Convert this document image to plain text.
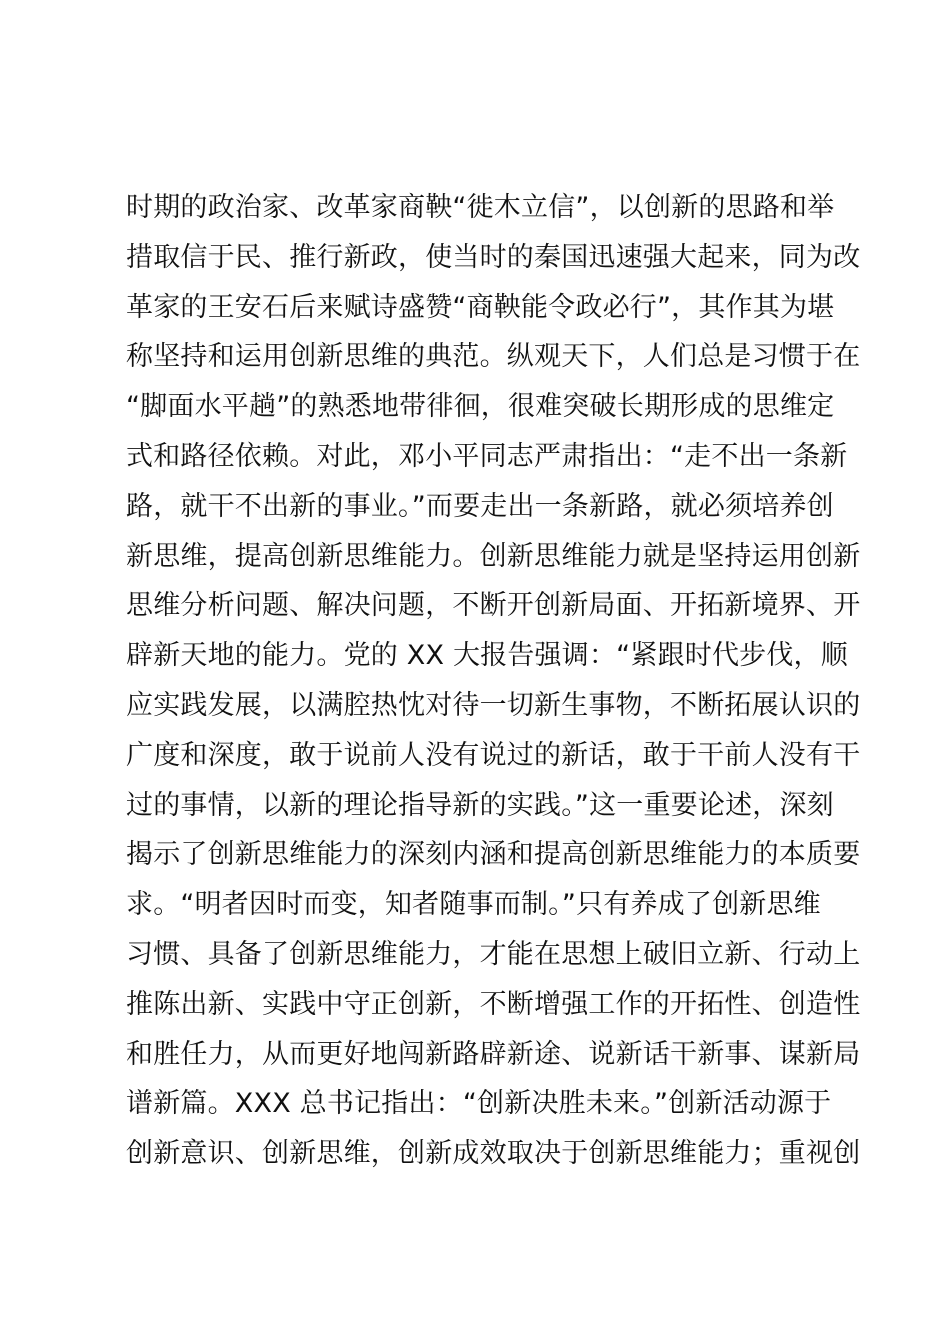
时期的政治家、改革家商鞅“徙木立信”，以创新的思路和举
措取信于民、推行新政，使当时的秦国迅速强大起来，同为改
革家的王安石后来赋诗盛赞“商鞅能令政必行”，其作其为堪
称坚持和运用创新思维的典范。纵观天下，人们总是习惯于在
“脚面水平趟”的熟悉地带徘徊，很难突破长期形成的思维定
式和路径依赖。对此，邓小平同志严肃指出：“走不出一条新
路，就干不出新的事业。”而要走出一条新路，就必须培养创
新思维，提高创新思维能力。创新思维能力就是坚持运用创新
思维分析问题、解决问题，不断开创新局面、开拓新境界、开
辟新天地的能力。党的 XX 大报告强调：“紧跟时代步伐，顺
应实践发展，以满腔热忱对待一切新生事物，不断拓展认识的
广度和深度，敢于说前人没有说过的新话，敢于干前人没有干
过的事情，以新的理论指导新的实践。”这一重要论述，深刻
揭示了创新思维能力的深刻内涵和提高创新思维能力的本质要
求。“明者因时而变，知者随事而制。”只有养成了创新思维
习惯、具备了创新思维能力，才能在思想上破旧立新、行动上
推陈出新、实践中守正创新，不断增强工作的开拓性、创造性
和胜任力，从而更好地闯新路辟新途、说新话干新事、谋新局
谱新篇。XXX 总书记指出：“创新决胜未来。”创新活动源于
创新意识、创新思维，创新成效取决于创新思维能力；重视创
